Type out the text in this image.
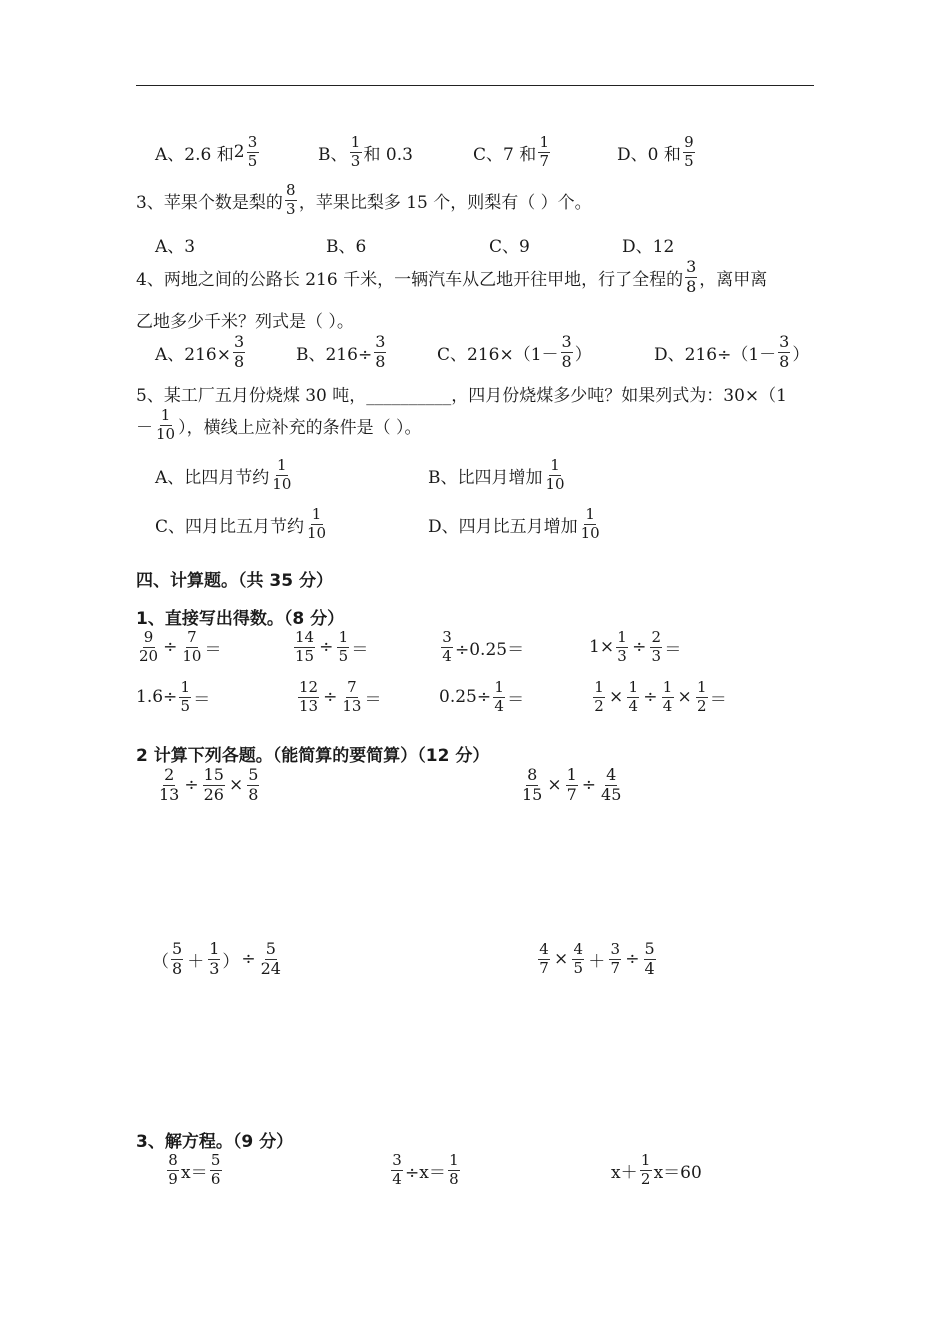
A、2.6 和 $2 \frac{3}{5}$	B、 $\frac{1}{3}$ 和 0.3	C、7 和 $\frac{1}{7}$	D、0 和 $\frac{9}{5}$
3、苹果个数是梨的 $\frac{8}{3}$ ，苹果比梨多 15 个，则梨有（ ）个。
A、3	B、6	C、9	D、12
4、两地之间的公路长 216 千米，一辆汽车从乙地开往甲地，行了全程的 $\frac{3}{8}$ ，离甲离
乙地多少千米？列式是（ ）。
A、$216\times \frac{3}{8}$	B、$216\div \frac{3}{8}$	C、$216\times(1- \frac{3}{8}$ ）	D、$216\div(1- \frac{3}{8}$ ）
5、某工厂五月份烧煤 30 吨，__________，四月份烧煤多少吨？如果列式为：30×（1
－ $\frac{1}{10}$ ），横线上应补充的条件是（ ）。
A、比四月节约 $\frac{1}{10}$	B、比四月增加 $\frac{1}{10}$
C、四月比五月节约 $\frac{1}{10}$	D、四月比五月增加 $\frac{1}{10}$
四、计算题。（共 35 分）
1、直接写出得数。（8 分）
$\frac{9}{20} \div \frac{7}{10}$ ＝	$\frac{14}{15} \div \frac{1}{5}$ ＝	$\frac{3}{4} \div 0.25=$	$1\times \frac{1}{3} \div \frac{2}{3}$ ＝
$1.6\div \frac{1}{5}$ ＝	$\frac{12}{13} \div \frac{7}{13}$ ＝	$0.25\div \frac{1}{4}$ ＝	$\frac{1}{2} \times \frac{1}{4} \div \frac{1}{4} \times \frac{1}{2}$ ＝
2 计算下列各题。（能简算的要简算）（12 分）
$\frac{2}{13} \div \frac{15}{26} \times \frac{5}{8}$	$\frac{8}{15} \times \frac{1}{7} \div \frac{4}{45}$
（ $\frac{5}{8} + \frac{1}{3}$ ） ÷ $\frac{5}{24}$	$\frac{4}{7} \times \frac{4}{5} + \frac{3}{7} \div \frac{5}{4}$
3、解方程。（9 分）
$\frac{8}{9} x= \frac{5}{6}$	$\frac{3}{4} \div x= \frac{1}{8}$	$x+ \frac{1}{2} x=60$
